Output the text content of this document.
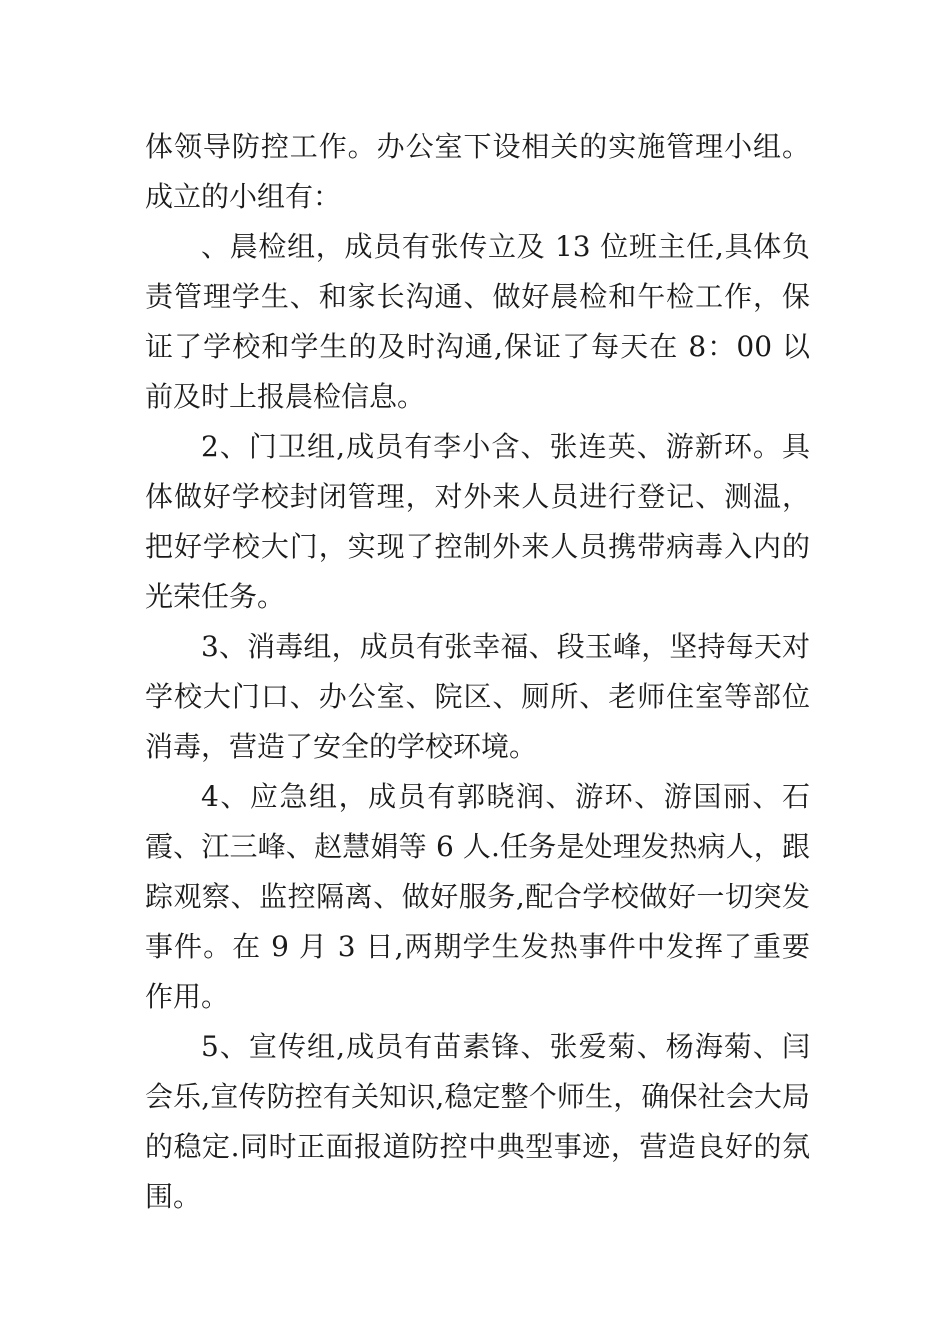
体领导防控工作。办公室下设相关的实施管理小组。成立的小组有：

、晨检组，成员有张传立及 13 位班主任,具体负责管理学生、和家长沟通、做好晨检和午检工作，保证了学校和学生的及时沟通,保证了每天在 8：00 以前及时上报晨检信息。

2、门卫组,成员有李小含、张连英、游新环。具体做好学校封闭管理，对外来人员进行登记、测温，把好学校大门，实现了控制外来人员携带病毒入内的光荣任务。

3、消毒组，成员有张幸福、段玉峰，坚持每天对学校大门口、办公室、院区、厕所、老师住室等部位消毒，营造了安全的学校环境。

4、应急组，成员有郭晓润、游环、游国丽、石霞、江三峰、赵慧娟等 6 人.任务是处理发热病人，跟踪观察、监控隔离、做好服务,配合学校做好一切突发事件。在 9 月 3 日,两期学生发热事件中发挥了重要作用。

5、宣传组,成员有苗素锋、张爱菊、杨海菊、闫会乐,宣传防控有关知识,稳定整个师生，确保社会大局的稳定.同时正面报道防控中典型事迹，营造良好的氛围。
